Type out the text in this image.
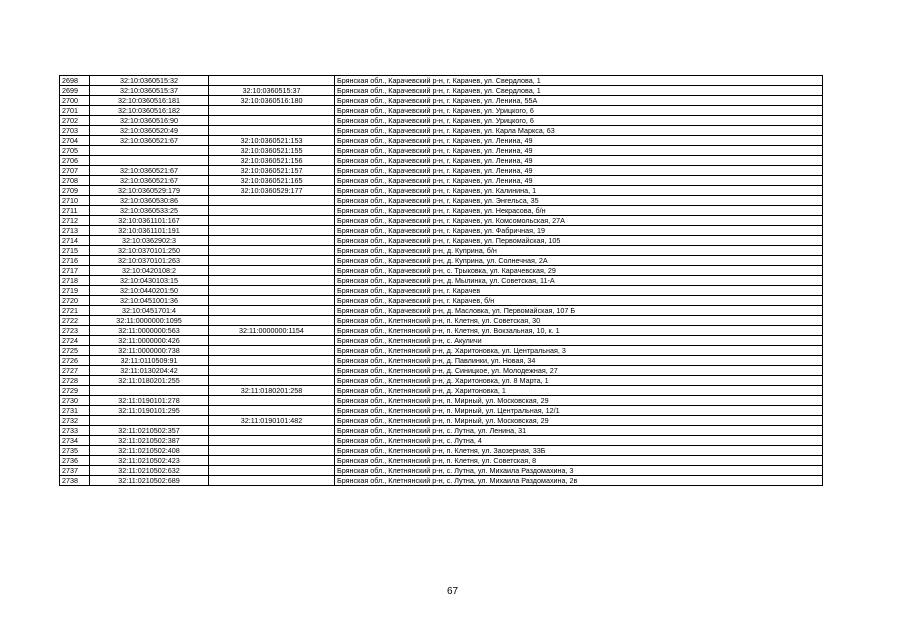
2698	32:10:0360515:32		Брянская обл., Карачевский р-н, г. Карачев, ул. Свердлова, 1
2699	32:10:0360515:37	32:10:0360515:37	Брянская обл., Карачевский р-н, г. Карачев, ул. Свердлова, 1
2700	32:10:0360516:181	32:10:0360516:180	Брянская обл., Карачевский р-н, г. Карачев, ул. Ленина, 55А
2701	32:10:0360516:182		Брянская обл., Карачевский р-н, г. Карачев, ул. Урицкого, 6
2702	32:10:0360516:90		Брянская обл., Карачевский р-н, г. Карачев, ул. Урицкого, 6
2703	32:10:0360520:49		Брянская обл., Карачевский р-н, г. Карачев, ул. Карла Маркса, 63
2704	32:10:0360521:67	32:10:0360521:153	Брянская обл., Карачевский р-н, г. Карачев, ул. Ленина, 49
2705		32:10:0360521:155	Брянская обл., Карачевский р-н, г. Карачев, ул. Ленина, 49
2706		32:10:0360521:156	Брянская обл., Карачевский р-н, г. Карачев, ул. Ленина, 49
2707	32:10:0360521:67	32:10:0360521:157	Брянская обл., Карачевский р-н, г. Карачев, ул. Ленина, 49
2708	32:10:0360521:67	32:10:0360521:165	Брянская обл., Карачевский р-н, г. Карачев, ул. Ленина, 49
2709	32:10:0360529:179	32:10:0360529:177	Брянская обл., Карачевский р-н, г. Карачев, ул. Калинина, 1
2710	32:10:0360530:86		Брянская обл., Карачевский р-н, г. Карачев, ул. Энгельса, 35
2711	32:10:0360533:25		Брянская обл., Карачевский р-н, г. Карачев, ул. Некрасова, б/н
2712	32:10:0361101:167		Брянская обл., Карачевский р-н, г. Карачев, ул. Комсомольская, 27А
2713	32:10:0361101:191		Брянская обл., Карачевский р-н, г. Карачев, ул. Фабричная, 19
2714	32:10:0362902:3		Брянская обл., Карачевский р-н, г. Карачев, ул. Первомайская, 105
2715	32:10:0370101:250		Брянская обл., Карачевский р-н, д. Куприна, б/н
2716	32:10:0370101:263		Брянская обл., Карачевский р-н, д. Куприна, ул. Солнечная, 2А
2717	32:10:0420108:2		Брянская обл., Карачевский р-н, с. Трыковка, ул. Карачевская, 29
2718	32:10:0430103:15		Брянская обл., Карачевский р-н, д. Мылинка, ул. Советская, 11-А
2719	32:10:0440201:50		Брянская обл., Карачевский р-н, г. Карачев
2720	32:10:0451001:36		Брянская обл., Карачевский р-н, г. Карачев, б/н
2721	32:10:0451701:4		Брянская обл., Карачевский р-н, д. Масловка, ул. Первомайская, 107 Б
2722	32:11:0000000:1095		Брянская обл., Клетнянский р-н, п. Клетня, ул. Советская, 30
2723	32:11:0000000:563	32:11:0000000:1154	Брянская обл., Клетнянский р-н, п. Клетня, ул. Вокзальная, 10, к. 1
2724	32:11:0000000:426		Брянская обл., Клетнянский р-н, с. Акуличи
2725	32:11:0000000:738		Брянская обл., Клетнянский р-н, д. Харитоновка, ул. Центральная, 3
2726	32:11:0110509:91		Брянская обл., Клетнянский р-н, д. Павлинки, ул. Новая, 34
2727	32:11:0130204:42		Брянская обл., Клетнянский р-н, д. Синицкое, ул. Молодежная, 27
2728	32:11:0180201:255		Брянская обл., Клетнянский р-н, д. Харитоновка, ул. 8 Марта, 1
2729		32:11:0180201:258	Брянская обл., Клетнянский р-н, д. Харитоновка, 1
2730	32:11:0190101:278		Брянская обл., Клетнянский р-н, п. Мирный, ул. Московская, 29
2731	32:11:0190101:295		Брянская обл., Клетнянский р-н, п. Мирный, ул. Центральная, 12/1
2732		32:11:0190101:482	Брянская обл., Клетнянский р-н, п. Мирный, ул. Московская, 29
2733	32:11:0210502:357		Брянская обл., Клетнянский р-н, с. Лутна, ул. Ленина, 31
2734	32:11:0210502:387		Брянская обл., Клетнянский р-н, с. Лутна, 4
2735	32:11:0210502:408		Брянская обл., Клетнянский р-н, п. Клетня, ул. Заозерная, 33Б
2736	32:11:0210502:423		Брянская обл., Клетнянский р-н, п. Клетня, ул. Советская, 8
2737	32:11:0210502:632		Брянская обл., Клетнянский р-н, с. Лутна, ул. Михаила Раздомахина, 3
2738	32:11:0210502:689		Брянская обл., Клетнянский р-н, с. Лутна, ул. Михаила Раздомахина, 2в
67
